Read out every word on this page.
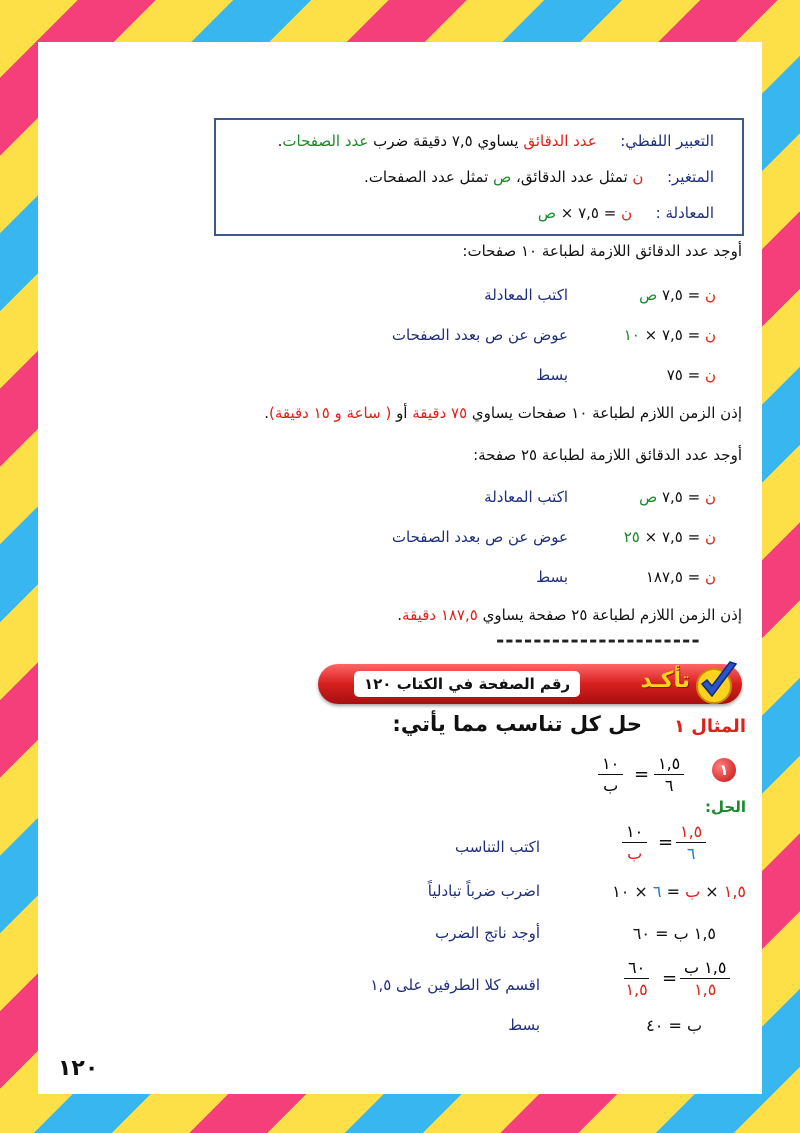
التعبير اللفظي:  عدد الدقائق يساوي ٧,٥ دقيقة ضرب عدد الصفحات.
المتغير:  ن تمثل عدد الدقائق، ص تمثل عدد الصفحات.
المعادلة :  ن = ٧,٥ × ص
أوجد عدد الدقائق اللازمة لطباعة ١٠ صفحات:
ن = ٧,٥ ص
اكتب المعادلة
ن = ٧,٥ × ١٠
عوض عن ص بعدد الصفحات
ن = ٧٥
بسط
إذن الزمن اللازم لطباعة ١٠ صفحات يساوي ٧٥ دقيقة أو ( ساعة و ١٥ دقيقة).
أوجد عدد الدقائق اللازمة لطباعة ٢٥ صفحة:
ن = ٧,٥ ص
اكتب المعادلة
ن = ٧,٥ × ٢٥
عوض عن ص بعدد الصفحات
ن = ١٨٧,٥
بسط
إذن الزمن اللازم لطباعة ٢٥ صفحة يساوي ١٨٧,٥ دقيقة.
----------------------
رقم الصفحة في الكتاب ١٢٠	تأكـد
المثال ١
حل كل تناسب مما يأتي:
١
١٠
ب
=
١,٥
٦
الحل:
١٠
ب
=
١,٥
٦
اكتب التناسب
١,٥ × ب = ٦ × ١٠
اضرب ضرباً تبادلياً
١,٥ ب = ٦٠
أوجد ناتج الضرب
٦٠
١,٥
=
١,٥ ب
١,٥
اقسم كلا الطرفين على ١,٥
ب = ٤٠
بسط
١٢٠
